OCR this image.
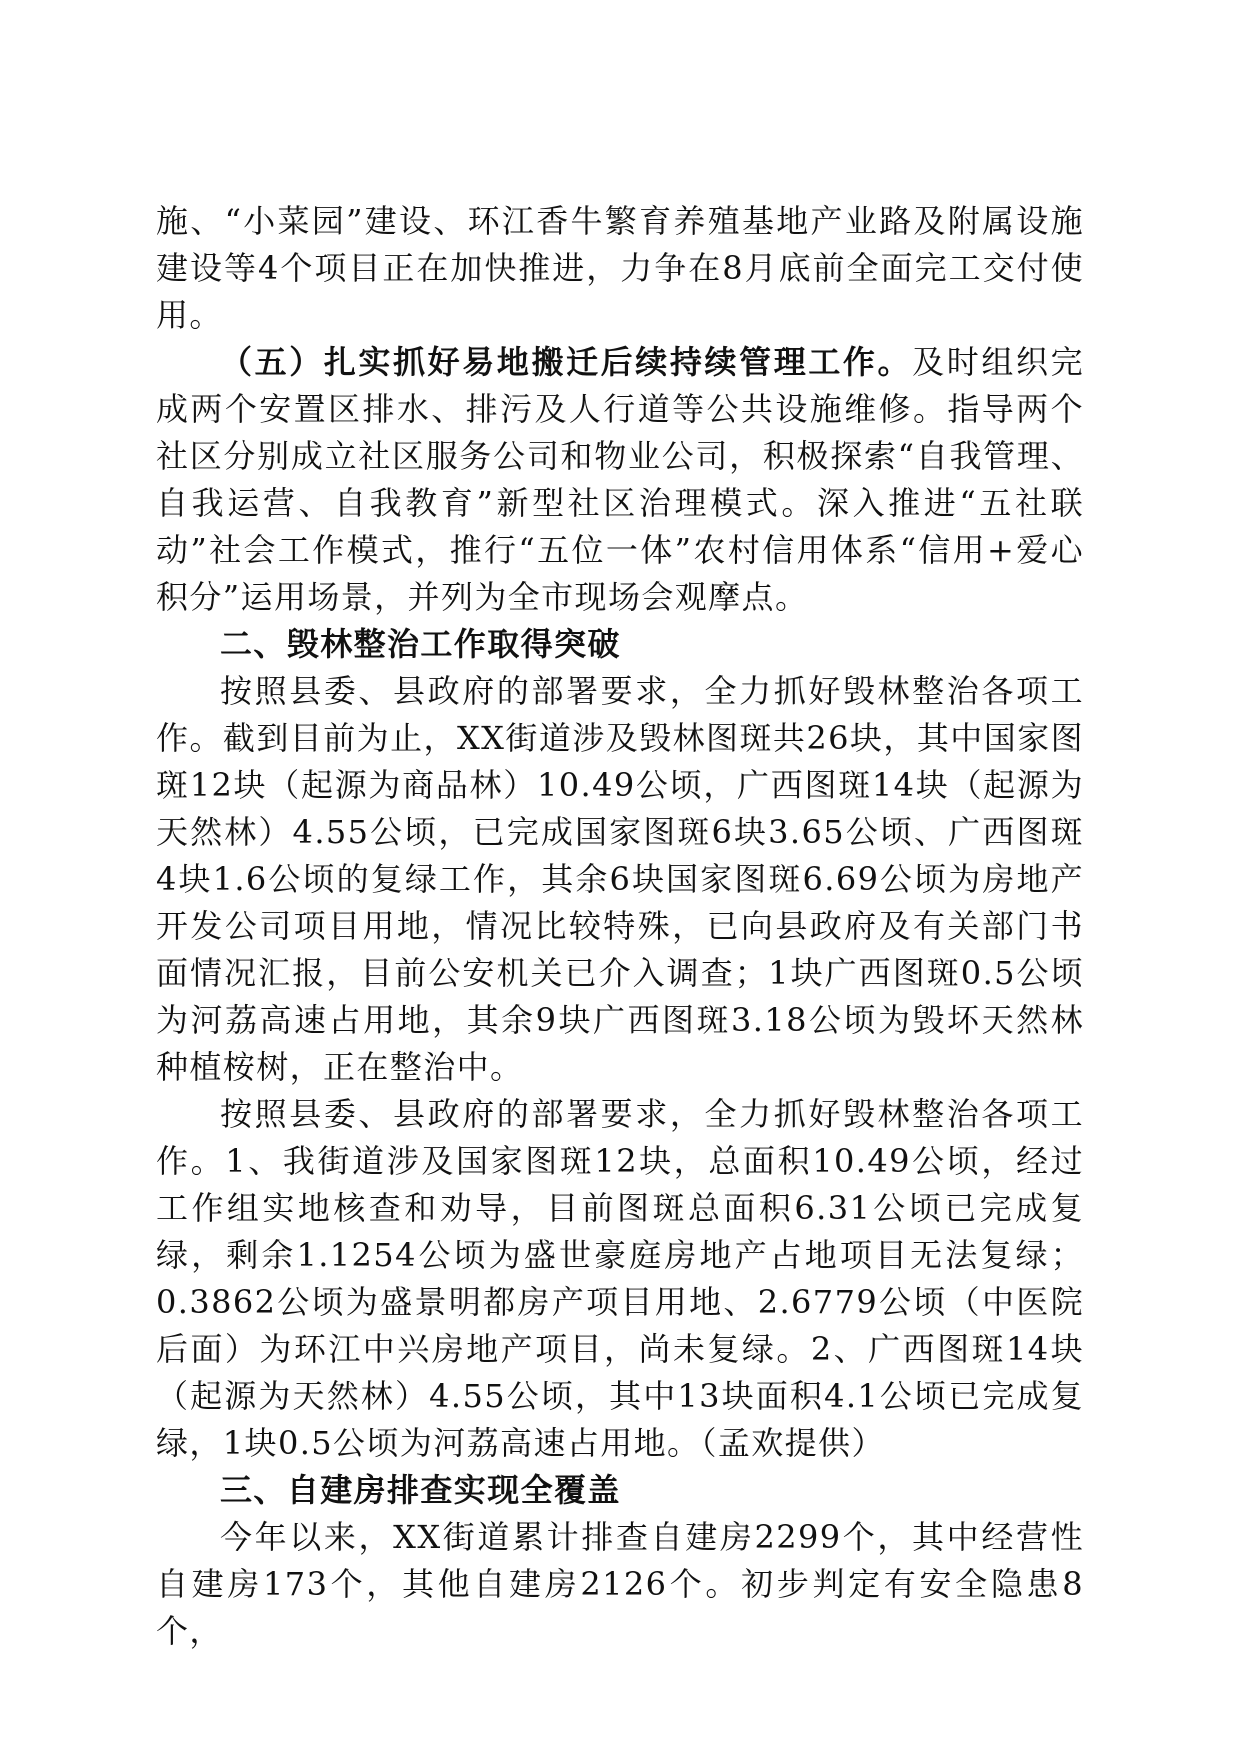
施、“小菜园”建设、环江香牛繁育养殖基地产业路及附属设施建设等4个项目正在加快推进，力争在8月底前全面完工交付使用。

（五）扎实抓好易地搬迁后续持续管理工作。及时组织完成两个安置区排水、排污及人行道等公共设施维修。指导两个社区分别成立社区服务公司和物业公司，积极探索“自我管理、自我运营、自我教育”新型社区治理模式。深入推进“五社联动”社会工作模式，推行“五位一体”农村信用体系“信用+爱心积分”运用场景，并列为全市现场会观摩点。

二、毁林整治工作取得突破

按照县委、县政府的部署要求，全力抓好毁林整治各项工作。截到目前为止，XX街道涉及毁林图斑共26块，其中国家图斑12块（起源为商品林）10.49公顷，广西图斑14块（起源为天然林）4.55公顷，已完成国家图斑6块3.65公顷、广西图斑4块1.6公顷的复绿工作，其余6块国家图斑6.69公顷为房地产开发公司项目用地，情况比较特殊，已向县政府及有关部门书面情况汇报，目前公安机关已介入调查；1块广西图斑0.5公顷为河荔高速占用地，其余9块广西图斑3.18公顷为毁坏天然林种植桉树，正在整治中。

按照县委、县政府的部署要求，全力抓好毁林整治各项工作。1、我街道涉及国家图斑12块，总面积10.49公顷，经过工作组实地核查和劝导，目前图斑总面积6.31公顷已完成复绿，剩余1.1254公顷为盛世豪庭房地产占地项目无法复绿；0.3862公顷为盛景明都房产项目用地、2.6779公顷（中医院后面）为环江中兴房地产项目，尚未复绿。2、广西图斑14块（起源为天然林）4.55公顷，其中13块面积4.1公顷已完成复绿，1块0.5公顷为河荔高速占用地。（孟欢提供）

三、自建房排查实现全覆盖

今年以来，XX街道累计排查自建房2299个，其中经营性自建房173个，其他自建房2126个。初步判定有安全隐患8个，
